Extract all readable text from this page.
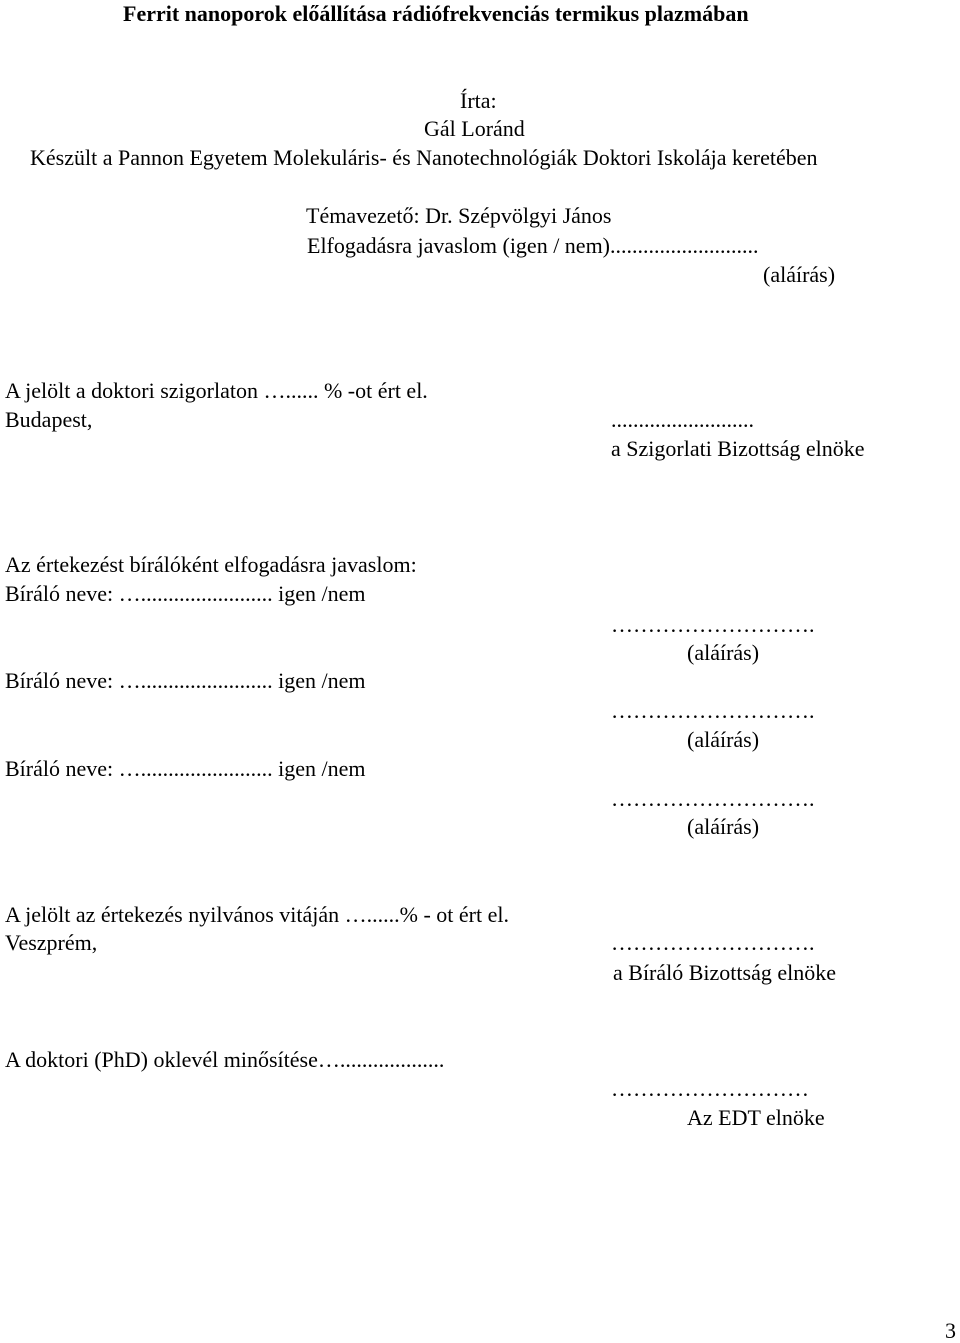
Ferrit nanoporok előállítása rádiófrekvenciás termikus plazmában
Írta:
Gál Loránd
Készült a Pannon Egyetem Molekuláris- és Nanotechnológiák Doktori Iskolája keretében
Témavezető: Dr. Szépvölgyi János
Elfogadásra javaslom (igen / nem)...........................
(aláírás)
A jelölt a doktori szigorlaton …...... % -ot ért el.
Budapest,	..........................
a Szigorlati Bizottság elnöke
Az értekezést bírálóként elfogadásra javaslom:
Bíráló neve: …........................ igen /nem
……………………….
(aláírás)
Bíráló neve: …........................ igen /nem
……………………….
(aláírás)
Bíráló neve: …........................ igen /nem
……………………….
(aláírás)
A jelölt az értekezés nyilvános vitáján …......% - ot ért el.
Veszprém,	……………………….
a Bíráló Bizottság elnöke
A doktori (PhD) oklevél minősítése…...................
………………………
Az EDT elnöke
3
